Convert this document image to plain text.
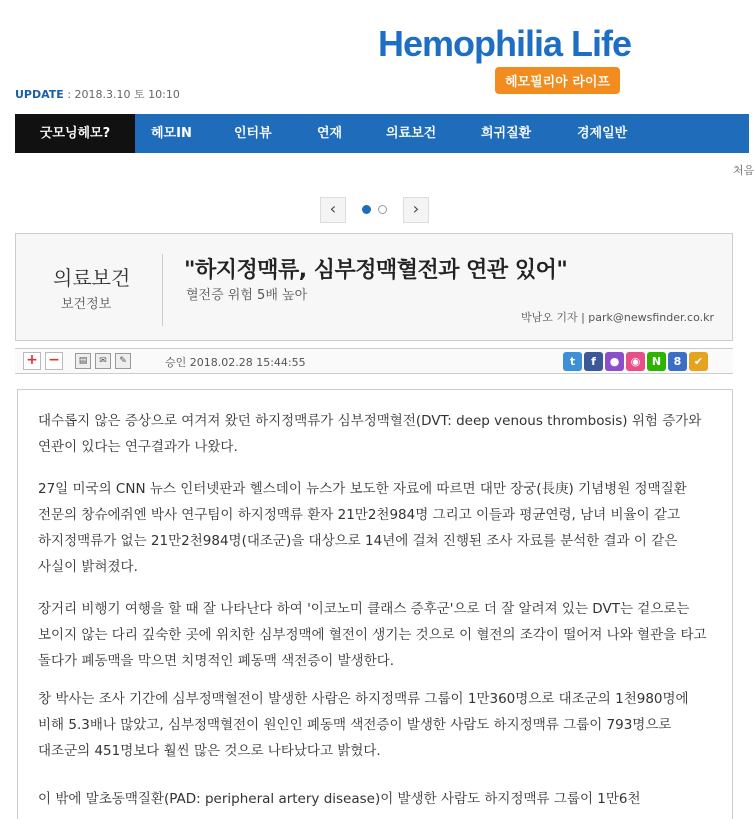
UPDATE : 2018.3.10 토 10:10
Hemophilia Life
헤모필리아 라이프
굿모닝헤모?	헤모IN	인터뷰	연재	의료보건	희귀질환	경제일반
처음
‹	›
의료보건
보건정보
"하지정맥류, 심부정맥혈전과 연관 있어"
혈전증 위험 5배 높아
박남오 기자 | park@newsfinder.co.kr
+ −	▤	✉	✎	승인 2018.02.28 15:44:55	t	f	●	◉	N	8	✔

대수롭지 않은 증상으로 여겨져 왔던 하지정맥류가 심부정맥혈전(DVT: deep venous thrombosis) 위험 증가와 연관이 있다는 연구결과가 나왔다.

27일 미국의 CNN 뉴스 인터넷판과 헬스데이 뉴스가 보도한 자료에 따르면 대만 장궁(長庚) 기념병원 정맥질환 전문의 창슈에쥐엔 박사 연구팀이 하지정맥류 환자 21만2천984명 그리고 이들과 평균연령, 남녀 비율이 같고 하지정맥류가 없는 21만2천984명(대조군)을 대상으로 14년에 걸쳐 진행된 조사 자료를 분석한 결과 이 같은 사실이 밝혀졌다.

장거리 비행기 여행을 할 때 잘 나타난다 하여 '이코노미 클래스 증후군'으로 더 잘 알려져 있는 DVT는 겉으로는 보이지 않는 다리 깊숙한 곳에 위치한 심부정맥에 혈전이 생기는 것으로 이 혈전의 조각이 떨어져 나와 혈관을 타고 돌다가 폐동맥을 막으면 치명적인 폐동맥 색전증이 발생한다.

창 박사는 조사 기간에 심부정맥혈전이 발생한 사람은 하지정맥류 그룹이 1만360명으로 대조군의 1천980명에 비해 5.3배나 많았고, 심부정맥혈전이 원인인 폐동맥 색전증이 발생한 사람도 하지정맥류 그룹이 793명으로 대조군의 451명보다 훨씬 많은 것으로 나타났다고 밝혔다.

이 밖에 말초동맥질환(PAD: peripheral artery disease)이 발생한 사람도 하지정맥류 그룹이 1만6천
